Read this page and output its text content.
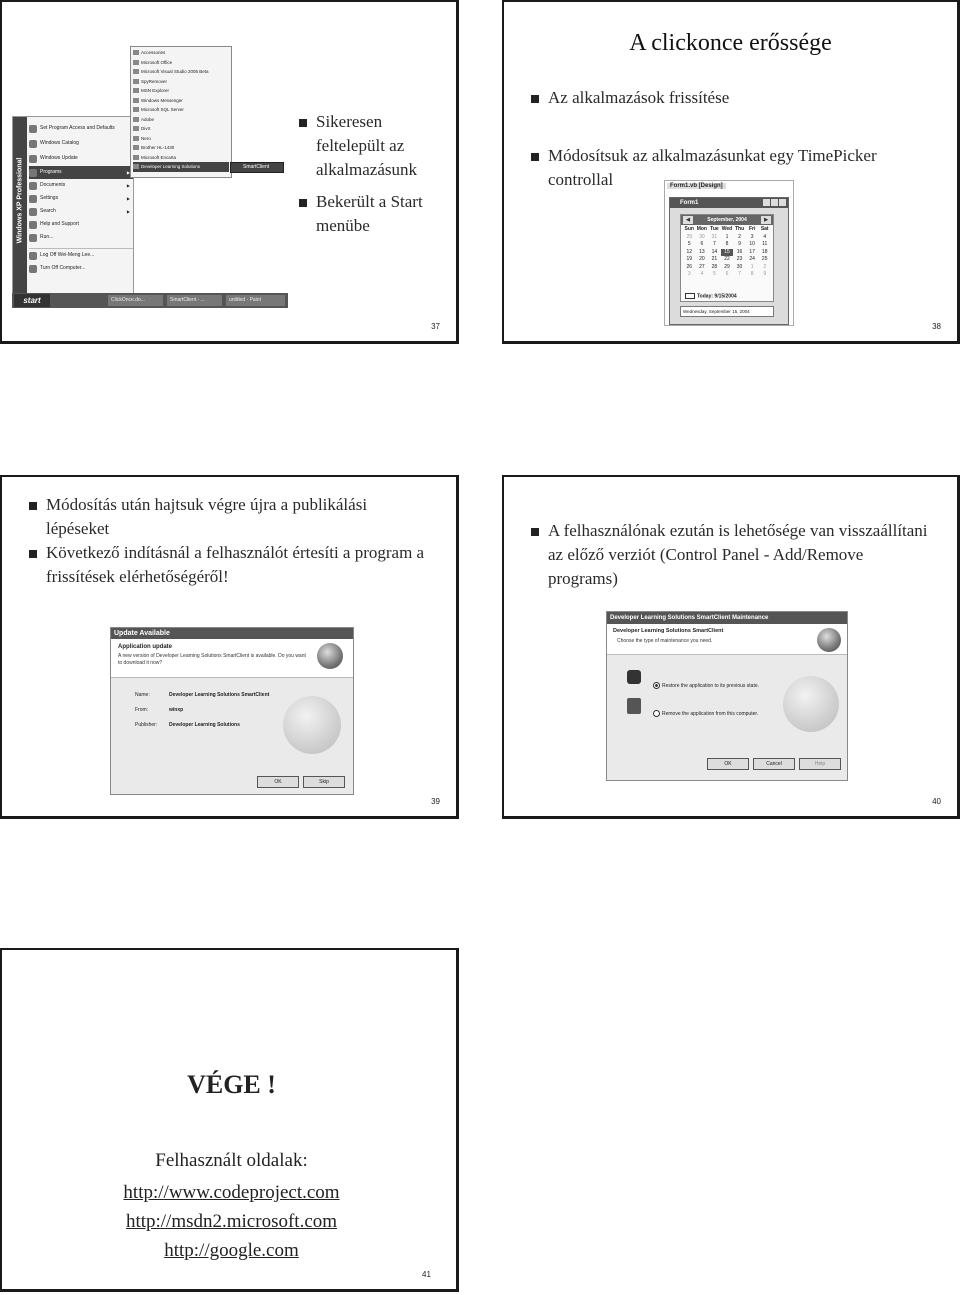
Windows XP Professional
Set Program Access and Defaults
Windows Catalog
Windows Update
Programs	▶
Documents	▶
Settings	▶
Search	▶
Help and Support
Run...
Log Off Wei-Meng Lee...
Turn Off Computer...
Accessories
Microsoft Office
Microsoft Visual Studio 2005 Beta
SpyRemover
MSN Explorer
Windows Messenger
Microsoft SQL Server
Adobe
DivX
Nero
Brother HL-1430
Microsoft Encarta
Developer Learning Solutions	SmartClient
start	ClickOnce.do...	SmartClient - ...	untitled - Paint
Sikeresen feltelepült az alkalmazásunk
Bekerült a Start menübe
37
A clickonce erőssége
Az alkalmazások frissítése
Módosítsuk az alkalmazásunkat egy TimePicker controllal	Form1.vb [Design]
Form1
◀	September, 2004	▶
Sun Mon Tue Wed Thu Fri	Sat
29	30	31	1	2	3	4
5	6	7	8	9	10	11
12	13	14	15	16	17	18
19	20	21	22	23	24	25
26	27	28	29	30	1	2
3	4	5	6	7	8	9
Today: 9/15/2004
Wednesday, September 15, 2004
38
Módosítás után hajtsuk végre újra a publikálási lépéseket
Következő indításnál a felhasználót értesíti a program a frissítések elérhetőségéről!
Update Available
Application update
A new version of Developer Learning Solutions SmartClient is available. Do you want to download it now?
Name:	Developer Learning Solutions SmartClient
From:	winxp
Publisher:	Developer Learning Solutions
OK	Skip
39
A felhasználónak ezután is lehetősége van visszaállítani az előző verziót (Control Panel - Add/Remove programs)
Developer Learning Solutions SmartClient Maintenance
Developer Learning Solutions SmartClient
Choose the type of maintenance you need.
Restore the application to its previous state.
Remove the application from this computer.
OK	Cancel	Help
40
VÉGE !
Felhasznált oldalak:
http://www.codeproject.com
http://msdn2.microsoft.com
http://google.com
41
